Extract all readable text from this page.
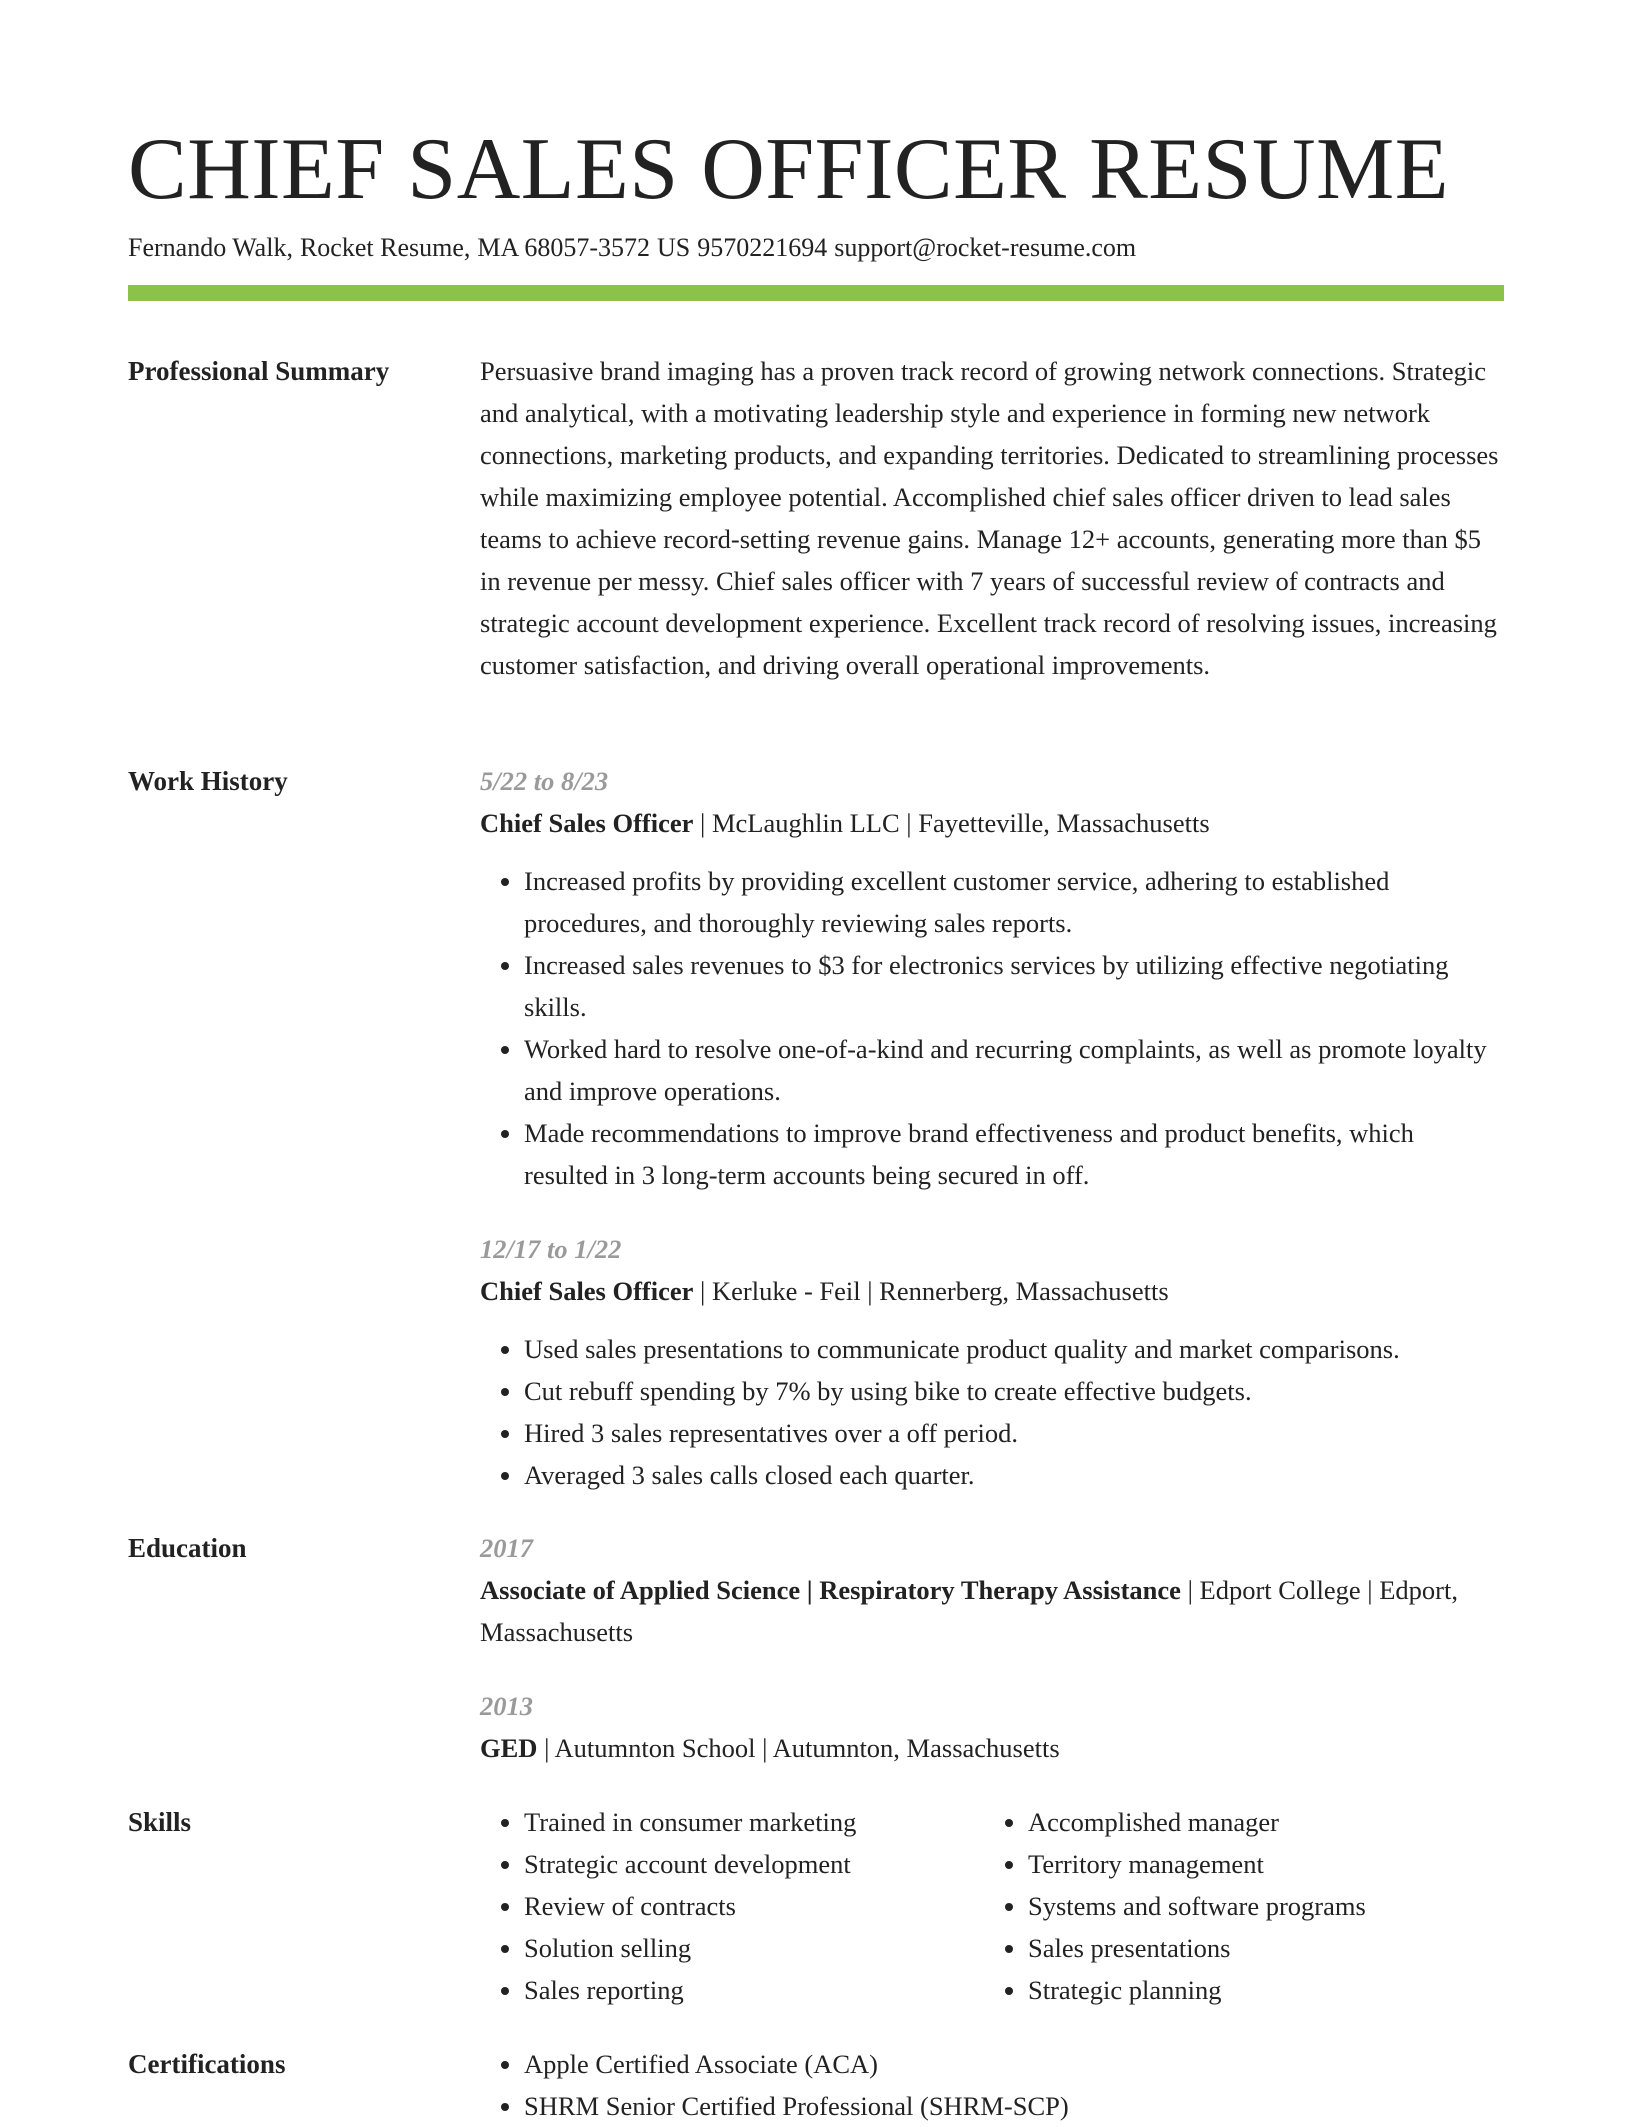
CHIEF SALES OFFICER RESUME
Fernando Walk, Rocket Resume, MA 68057-3572 US 9570221694 support@rocket-resume.com
Professional Summary	Persuasive brand imaging has a proven track record of growing network connections. Strategic and analytical, with a motivating leadership style and experience in forming new network connections, marketing products, and expanding territories. Dedicated to streamlining processes while maximizing employee potential. Accomplished chief sales officer driven to lead sales teams to achieve record-setting revenue gains. Manage 12+ accounts, generating more than $5 in revenue per messy. Chief sales officer with 7 years of successful review of contracts and strategic account development experience. Excellent track record of resolving issues, increasing customer satisfaction, and driving overall operational improvements.

Work History	5/22 to 8/23
Chief Sales Officer | McLaughlin LLC | Fayetteville, Massachusetts
• Increased profits by providing excellent customer service, adhering to established procedures, and thoroughly reviewing sales reports.
• Increased sales revenues to $3 for electronics services by utilizing effective negotiating skills.
• Worked hard to resolve one-of-a-kind and recurring complaints, as well as promote loyalty and improve operations.
• Made recommendations to improve brand effectiveness and product benefits, which resulted in 3 long-term accounts being secured in off.
12/17 to 1/22
Chief Sales Officer | Kerluke - Feil | Rennerberg, Massachusetts
• Used sales presentations to communicate product quality and market comparisons.
• Cut rebuff spending by 7% by using bike to create effective budgets.
• Hired 3 sales representatives over a off period.
• Averaged 3 sales calls closed each quarter.
Education	2017
Associate of Applied Science | Respiratory Therapy Assistance | Edport College | Edport, Massachusetts
2013
GED | Autumnton School | Autumnton, Massachusetts
Skills	• Trained in consumer marketing
• Strategic account development
• Review of contracts
• Solution selling
• Sales reporting
• Accomplished manager
• Territory management
• Systems and software programs
• Sales presentations
• Strategic planning
Certifications	• Apple Certified Associate (ACA)
• SHRM Senior Certified Professional (SHRM-SCP)
